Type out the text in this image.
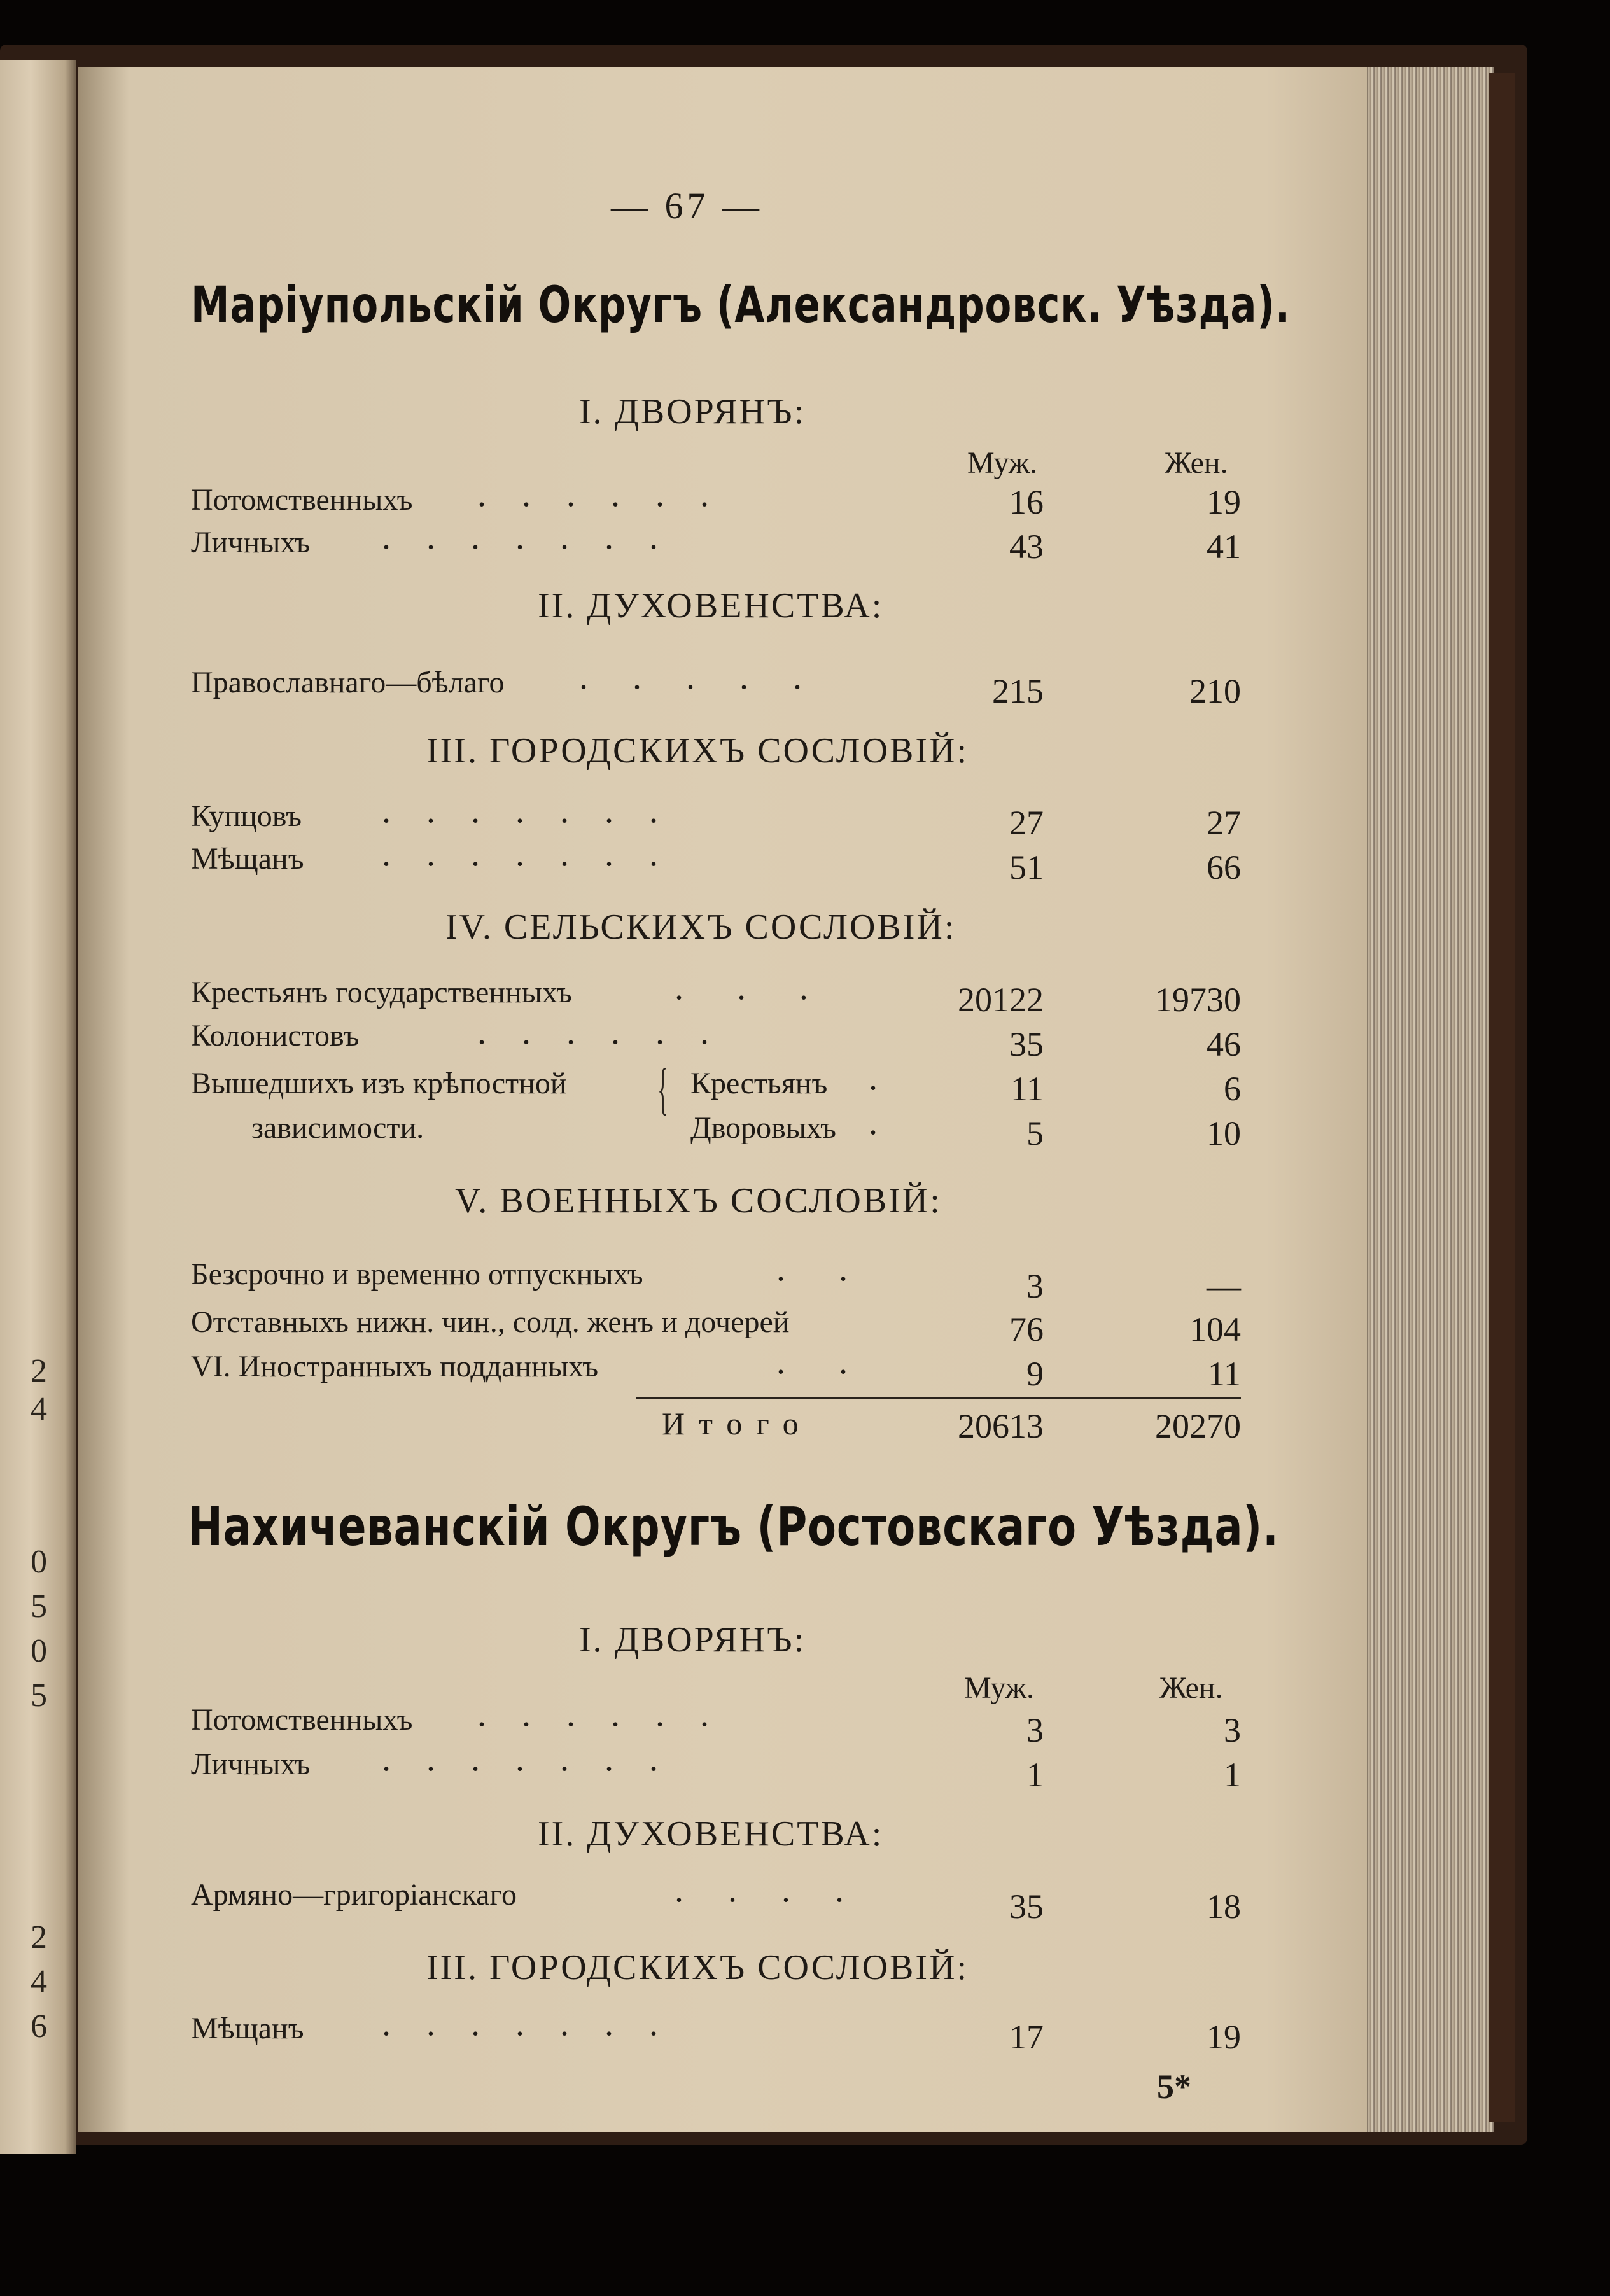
2
4
0
5
0
5
2
4
6
— 67 —
Маріупольскій Округъ (Александровск. Уѣзда).
I. ДВОРЯНЪ:
Муж.	Жен.
Потомственныхъ .    .    .    .    .    .	16	19
Личныхъ .    .    .    .    .    .    .	43	41
II. ДУХОВЕНСТВА:
Православнаго—бѣлаго .     .     .     .     .	215	210
III. ГОРОДСКИХЪ СОСЛОВІЙ:
Купцовъ .    .    .    .    .    .    .	27	27
Мѣщанъ .    .    .    .    .    .    .	51	66
IV. СЕЛЬСКИХЪ СОСЛОВІЙ:
Крестьянъ государственныхъ	.      .      .	20122	19730
Колонистовъ	.    .    .    .    .    .	35	46
Вышедшихъ изъ крѣпостной
зависимости.
{ Крестьянъ .	11	6
Дворовыхъ .	5	10
V. ВОЕННЫХЪ СОСЛОВІЙ:
Безсрочно и временно отпускныхъ	.      .	3	—
Отставныхъ нижн. чин., солд. женъ и дочерей	76	104
VI. Иностранныхъ подданныхъ	.      .	9	11
Итого	20613	20270
Нахичеванскій Округъ (Ростовскаго Уѣзда).
I. ДВОРЯНЪ:
Муж.	Жен.
Потомственныхъ .    .    .    .    .    .	3	3
Личныхъ .    .    .    .    .    .    .	1	1
II. ДУХОВЕНСТВА:
Армяно—григоріанскаго	.     .     .     .	35	18
III. ГОРОДСКИХЪ СОСЛОВІЙ:
Мѣщанъ .    .    .    .    .    .    .	17	19
5*
